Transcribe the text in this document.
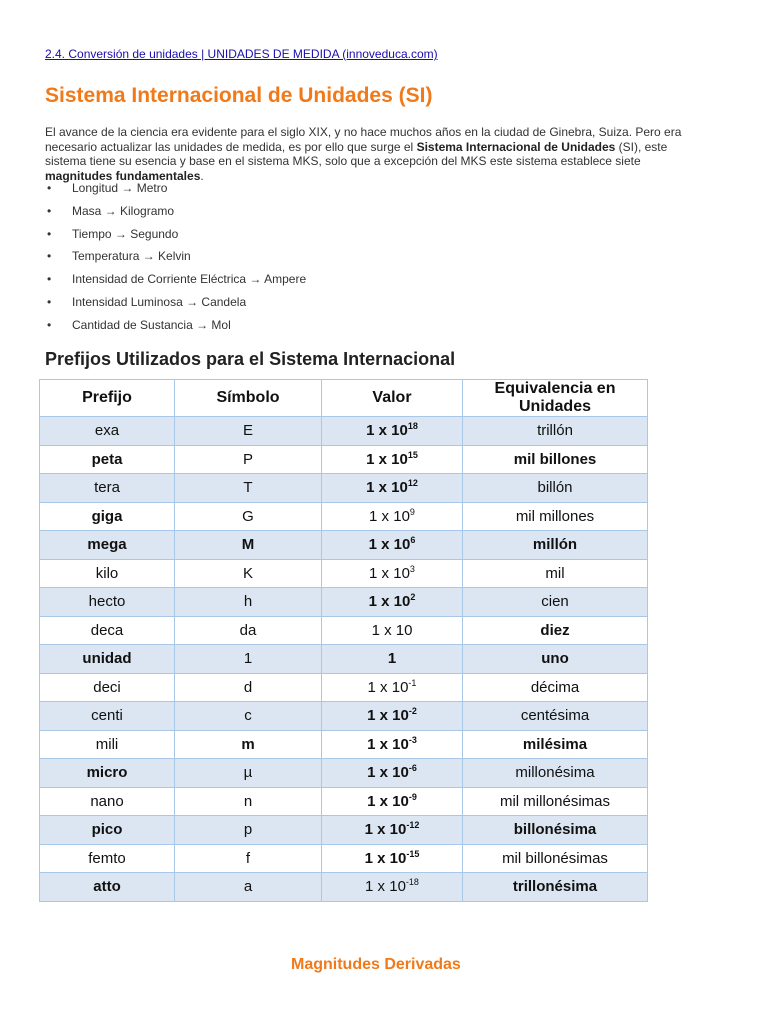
2.4. Conversión de unidades | UNIDADES DE MEDIDA (innoveduca.com)
Sistema Internacional de Unidades (SI)

El avance de la ciencia era evidente para el siglo XIX, y no hace muchos años en la ciudad de Ginebra, Suiza. Pero era necesario actualizar las unidades de medida, es por ello que surge el Sistema Internacional de Unidades (SI), este sistema tiene su esencia y base en el sistema MKS, solo que a excepción del MKS este sistema establece siete magnitudes fundamentales.

• Longitud → Metro
• Masa → Kilogramo
• Tiempo → Segundo
• Temperatura → Kelvin
• Intensidad de Corriente Eléctrica → Ampere
• Intensidad Luminosa → Candela
• Cantidad de Sustancia → Mol
Prefijos Utilizados para el Sistema Internacional
Prefijo	Símbolo	Valor	Equivalencia en Unidades
exa	E	1 x $10^{18}$	trillón
peta	P	1 x $10^{15}$	mil billones
tera	T	1 x $10^{12}$	billón
giga	G	1 x $10^9$	mil millones
mega	M	1 x $10^6$	millón
kilo	K	1 x $10^3$	mil
hecto	h	1 x $10^2$	cien
deca	da	1 x 10	diez
unidad	1	1	uno
deci	d	1 x $10^{-1}$	décima
centi	c	1 x $10^{-2}$	centésima
mili	m	1 x $10^{-3}$	milésima
micro	µ	1 x $10^{-6}$	millonésima
nano	n	1 x $10^{-9}$	mil millonésimas
pico	p	1 x $10^{-12}$	billonésima
femto	f	1 x $10^{-15}$	mil billonésimas
atto	a	1 x $10^{-18}$	trillonésima
Magnitudes Derivadas
